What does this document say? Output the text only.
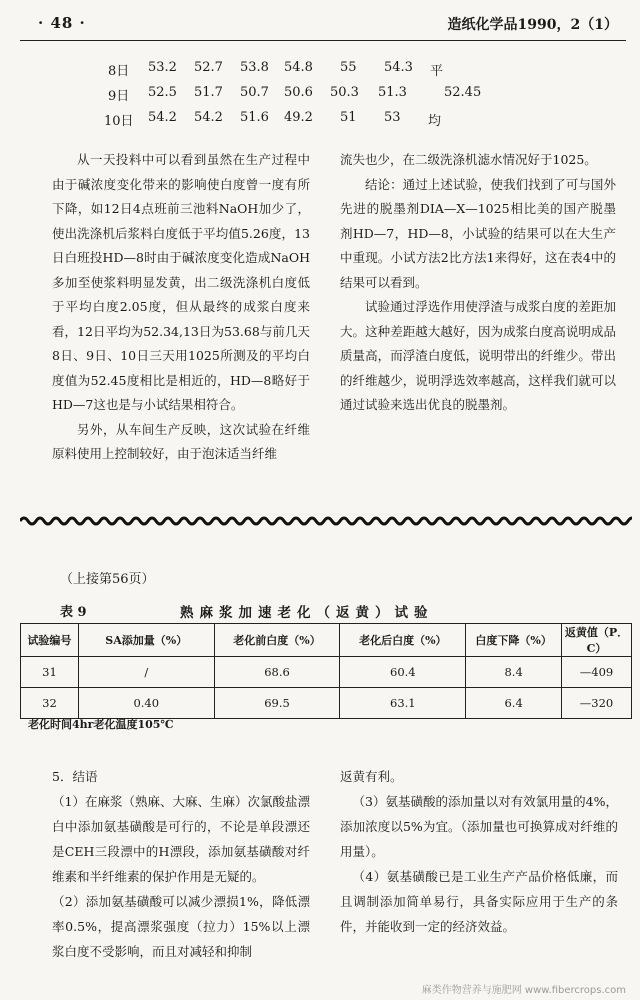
· 48 ·	造纸化学品1990，2（1）
8日 53.2 52.7 53.8 54.8 55 54.3 平
9日 52.5 51.7 50.7 50.6 50.3 51.3	52.45
10日 54.2 54.2 51.6 49.2 51 53 均

从一天投料中可以看到虽然在生产过程中由于碱浓度变化带来的影响使白度曾一度有所下降，如12日4点班前三池料NaOH加少了，使出洗涤机后浆料白度低于平均值5.26度，13日白班投HD—8时由于碱浓度变化造成NaOH多加至使浆料明显发黄，出二级洗涤机白度低于平均白度2.05度，但从最终的成浆白度来看，12日平均为52.34,13日为53.68与前几天8日、9日、10日三天用1025所测及的平均白度值为52.45度相比是相近的，HD—8略好于HD—7这也是与小试结果相符合。

另外，从车间生产反映，这次试验在纤维原料使用上控制较好，由于泡沫适当纤维

流失也少，在二级洗涤机滤水情况好于1025。

结论：通过上述试验，使我们找到了可与国外先进的脱墨剂DIA—X—1025相比美的国产脱墨剂HD—7，HD—8，小试验的结果可以在大生产中重现。小试方法2比方法1来得好，这在表4中的结果可以看到。

试验通过浮选作用使浮渣与成浆白度的差距加大。这种差距越大越好，因为成浆白度高说明成品质量高，而浮渣白度低，说明带出的纤维少。带出的纤维越少，说明浮选效率越高，这样我们就可以通过试验来选出优良的脱墨剂。

（上接第56页）
表 9	熟麻浆加速老化（返黄）试验
试验编号	SA添加量（%）	老化前白度（%）	老化后白度（%）	白度下降（%）	返黄值（P．C）
31	/	68.6	60.4	8.4	—409
32	0.40	69.5	63.1	6.4	—320
老化时间4hr老化温度105℃

5．结语

（1）在麻浆（熟麻、大麻、生麻）次氯酸盐漂白中添加氨基磺酸是可行的，不论是单段漂还是CEH三段漂中的H漂段，添加氨基磺酸对纤维素和半纤维素的保护作用是无疑的。

（2）添加氨基磺酸可以减少漂损1%，降低漂率0.5%，提高漂浆强度（拉力）15%以上漂浆白度不受影响，而且对减轻和抑制

返黄有利。

（3）氨基磺酸的添加量以对有效氯用量的4%，添加浓度以5%为宜。（添加量也可换算成对纤维的用量）。

（4）氨基磺酸已是工业生产产品价格低廉，而且调制添加简单易行，具备实际应用于生产的条件，并能收到一定的经济效益。

麻类作物营养与施肥网 www.fibercrops.com
